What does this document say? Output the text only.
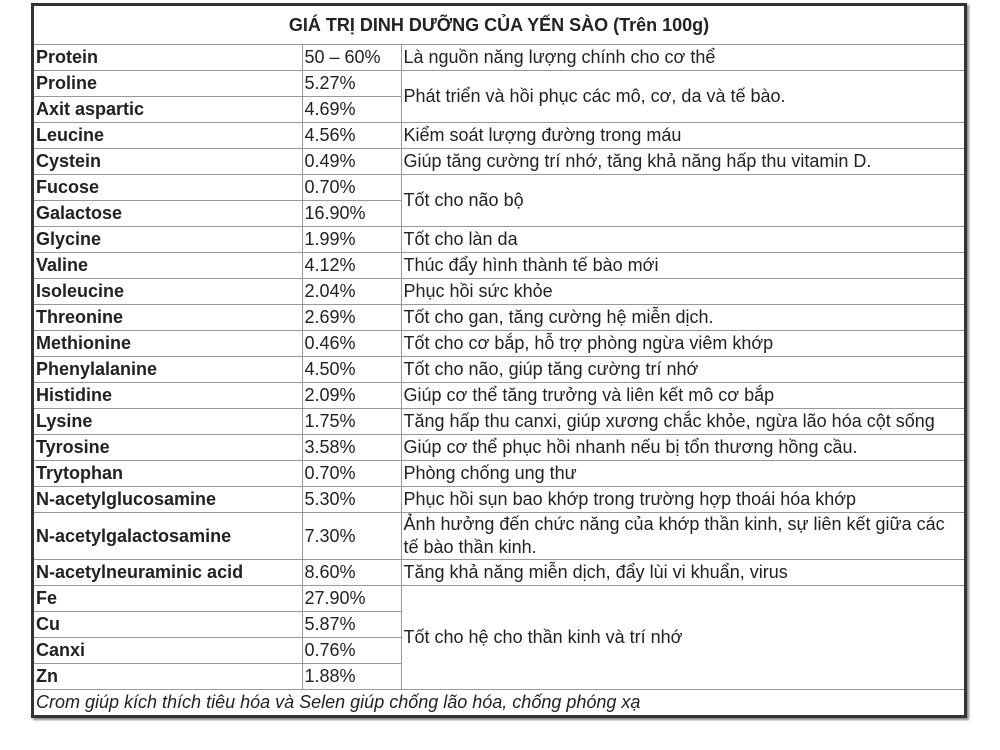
GIÁ TRỊ DINH DƯỠNG CỦA YẾN SÀO (Trên 100g)		
Protein	50 – 60%	Là nguồn năng lượng chính cho cơ thể
Proline	5.27%	Phát triển và hồi phục các mô, cơ, da và tế bào.
Axit aspartic	4.69%	
Leucine	4.56%	Kiểm soát lượng đường trong máu
Cystein	0.49%	Giúp tăng cường trí nhớ, tăng khả năng hấp thu vitamin D.
Fucose	0.70%	Tốt cho não bộ
Galactose	16.90%	
Glycine	1.99%	Tốt cho làn da
Valine	4.12%	Thúc đẩy hình thành tế bào mới
Isoleucine	2.04%	Phục hồi sức khỏe
Threonine	2.69%	Tốt cho gan, tăng cường hệ miễn dịch.
Methionine	0.46%	Tốt cho cơ bắp, hỗ trợ phòng ngừa viêm khớp
Phenylalanine	4.50%	Tốt cho não, giúp tăng cường trí nhớ
Histidine	2.09%	Giúp cơ thể tăng trưởng và liên kết mô cơ bắp
Lysine	1.75%	Tăng hấp thu canxi, giúp xương chắc khỏe, ngừa lão hóa cột sống
Tyrosine	3.58%	Giúp cơ thể phục hồi nhanh nếu bị tổn thương hồng cầu.
Trytophan	0.70%	Phòng chống ung thư
N-acetylglucosamine	5.30%	Phục hồi sụn bao khớp trong trường hợp thoái hóa khớp
N-acetylgalactosamine	7.30%	Ảnh hưởng đến chức năng của khớp thần kinh, sự liên kết giữa các tế bào thần kinh.
N-acetylneuraminic acid	8.60%	Tăng khả năng miễn dịch, đẩy lùi vi khuẩn, virus
Fe	27.90%	Tốt cho hệ cho thần kinh và trí nhớ
Cu	5.87%	
Canxi	0.76%	
Zn	1.88%	
Crom giúp kích thích tiêu hóa và Selen giúp chống lão hóa, chống phóng xạ		
